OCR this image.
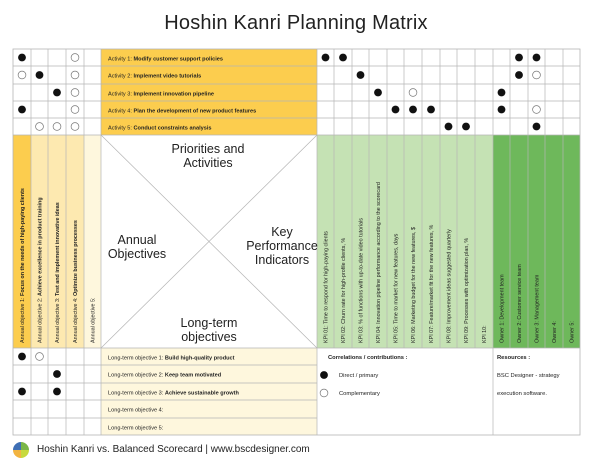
Activity 1: Modify customer support policies
Activity 2: Implement video tutorials
Activity 3: Implement innovation pipeline
Activity 4: Plan the development of new product features
Activity 5: Conduct constraints analysis
Annual objective 1: Focus on the needs of high-paying clients
Annual objective 2: Achieve excellence in product training
Annual objective 3: Test and implement innovative ideas
Annual objective 4: Optimize business processes
Annual objective 5:	KPI 01: Time to respond for high-paying clients KPI 02: Churn rate for high-profile clients, % KPI 03: % of functions with up-to-date video tutorials KPI 04: Innovation pipeline performance according to the scorecard KPI 05: Time to market for new features, days KPI 06: Marketing budget for the new features, $ KPI 07: Feature/market fit for the new features, % KPI 08: Improvement ideas suggested quarterly KPI 09: Processes with optimization plan, % KPI 10: Owner 1: Development team Owner 2: Customer service team Owner 3: Management team Owner 4: Owner 5:
Long-term objective 1: Build high-quality product
Long-term objective 2: Keep team motivated
Long-term objective 3: Achieve sustainable growth
Long-term objective 4:
Long-term objective 5:
Priorities and
Activities
Annual
Objectives
Key
Performance
Indicators
Long-term
objectives
Correlations / contributions :
Direct / primary
Complementary
Resources :
BSC Designer - strategy
execution software.
Hoshin Kanri Planning Matrix
Hoshin Kanri vs. Balanced Scorecard | www.bscdesigner.com
